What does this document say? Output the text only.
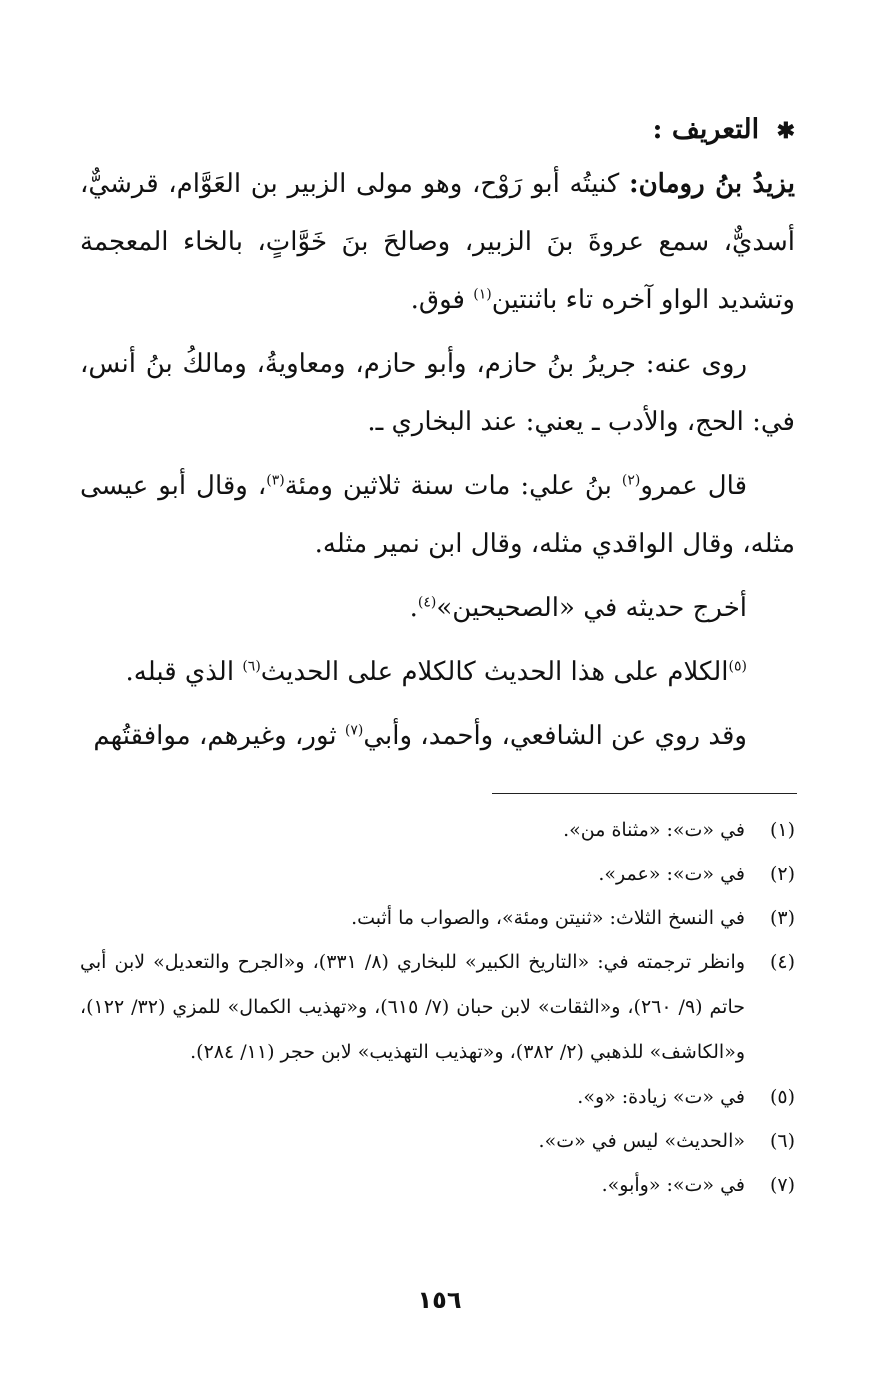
✱ التعريف :

يزيدُ بنُ رومان: كنيتُه أبو رَوْح، وهو مولى الزبير بن العَوَّام، قرشيٌّ، أسديٌّ، سمع عروةَ بنَ الزبير، وصالحَ بنَ خَوَّاتٍ، بالخاء المعجمة وتشديد الواو آخره تاء باثنتين$^{(١)}$ فوق.

روى عنه: جريرُ بنُ حازم، وأبو حازم، ومعاويةُ، ومالكُ بنُ أنس، في: الحج، والأدب ـ يعني: عند البخاري ـ.

قال عمرو$^{(٢)}$ بنُ علي: مات سنة ثلاثين ومئة$^{(٣)}$، وقال أبو عيسى مثله، وقال الواقدي مثله، وقال ابن نمير مثله.

أخرج حديثه في «الصحيحين»$^{(٤)}$.

$^{(٥)}$الكلام على هذا الحديث كالكلام على الحديث$^{(٦)}$ الذي قبله.

وقد روي عن الشافعي، وأحمد، وأبي$^{(٧)}$ ثور، وغيرهم، موافقتُهم

(١)
في «ت»: «مثناة من».
(٢)
في «ت»: «عمر».
(٣)
في النسخ الثلاث: «ثنيتن ومئة»، والصواب ما أثبت.
(٤)
وانظر ترجمته في: «التاريخ الكبير» للبخاري (٨/ ٣٣١)، و«الجرح والتعديل» لابن أبي حاتم (٩/ ٢٦٠)، و«الثقات» لابن حبان (٧/ ٦١٥)، و«تهذيب الكمال» للمزي (٣٢/ ١٢٢)، و«الكاشف» للذهبي (٢/ ٣٨٢)، و«تهذيب التهذيب» لابن حجر (١١/ ٢٨٤).
(٥)
في «ت» زيادة: «و».
(٦)
«الحديث» ليس في «ت».
(٧)
في «ت»: «وأبو».
١٥٦
